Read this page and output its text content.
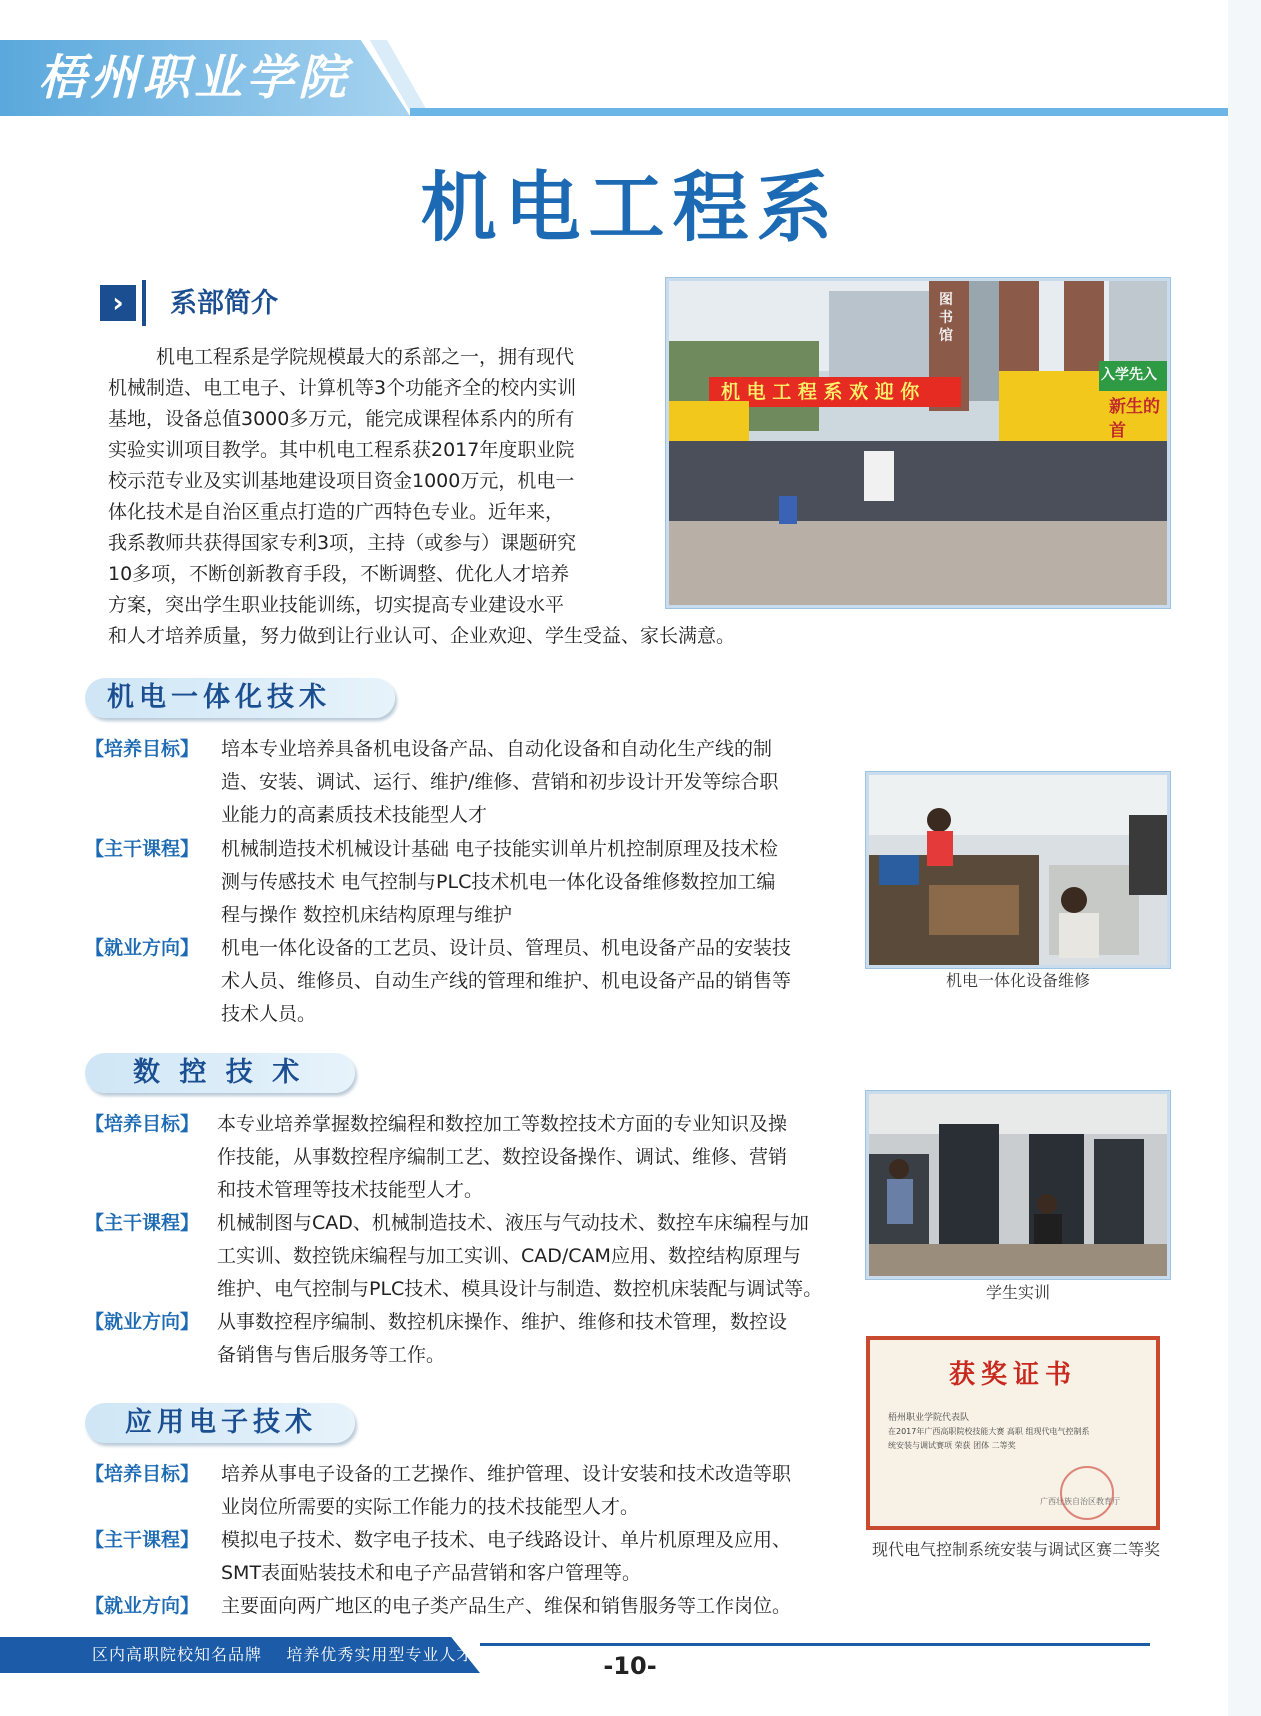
梧州职业学院
机电工程系
›	系部简介
机电工程系是学院规模最大的系部之一，拥有现代
机械制造、电工电子、计算机等3个功能齐全的校内实训
基地，设备总值3000多万元，能完成课程体系内的所有
实验实训项目教学。其中机电工程系获2017年度职业院
校示范专业及实训基地建设项目资金1000万元，机电一
体化技术是自治区重点打造的广西特色专业。近年来，
我系教师共获得国家专利3项，主持（或参与）课题研究
10多项，不断创新教育手段，不断调整、优化人才培养
方案，突出学生职业技能训练，切实提高专业建设水平
和人才培养质量，努力做到让行业认可、企业欢迎、学生受益、家长满意。
机 电 工 程 系 欢 迎 你
入学先入
新生的首
图书馆
机电一体化技术
【培养目标】 培本专业培养具备机电设备产品、自动化设备和自动化生产线的制
造、安装、调试、运行、维护/维修、营销和初步设计开发等综合职
业能力的高素质技术技能型人才
【主干课程】 机械制造技术机械设计基础 电子技能实训单片机控制原理及技术检
测与传感技术 电气控制与PLC技术机电一体化设备维修数控加工编
程与操作 数控机床结构原理与维护
【就业方向】 机电一体化设备的工艺员、设计员、管理员、机电设备产品的安装技
术人员、维修员、自动生产线的管理和维护、机电设备产品的销售等
技术人员。
机电一体化设备维修
数 控 技 术
【培养目标】 本专业培养掌握数控编程和数控加工等数控技术方面的专业知识及操
作技能，从事数控程序编制工艺、数控设备操作、调试、维修、营销
和技术管理等技术技能型人才。
【主干课程】 机械制图与CAD、机械制造技术、液压与气动技术、数控车床编程与加
工实训、数控铣床编程与加工实训、CAD/CAM应用、数控结构原理与
维护、电气控制与PLC技术、模具设计与制造、数控机床装配与调试等。
【就业方向】 从事数控程序编制、数控机床操作、维护、维修和技术管理，数控设
备销售与售后服务等工作。
学生实训
获奖证书
梧州职业学院代表队
在2017年广西高职院校技能大赛 高职 组现代电气控制系
统安装与调试赛项 荣获 团体 二等奖
广西壮族自治区教育厅
现代电气控制系统安装与调试区赛二等奖
应用电子技术
【培养目标】 培养从事电子设备的工艺操作、维护管理、设计安装和技术改造等职
业岗位所需要的实际工作能力的技术技能型人才。
【主干课程】 模拟电子技术、数字电子技术、电子线路设计、单片机原理及应用、
SMT表面贴装技术和电子产品营销和客户管理等。
【就业方向】 主要面向两广地区的电子类产品生产、维保和销售服务等工作岗位。
区内高职院校知名品牌    培养优秀实用型专业人才	-10-
